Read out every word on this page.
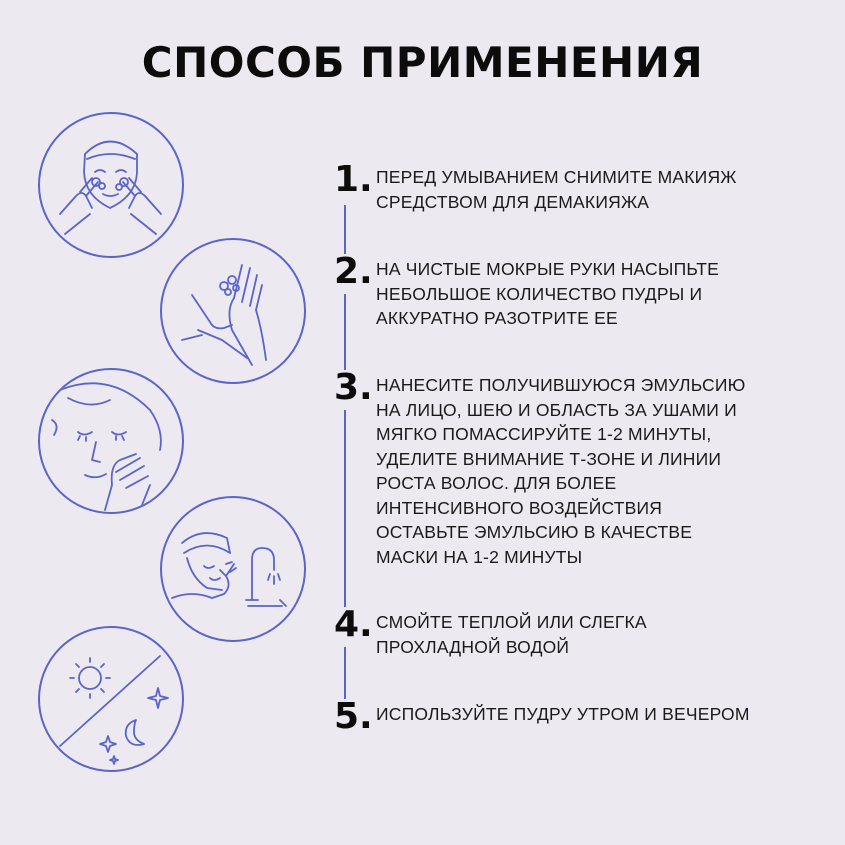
СПОСОБ ПРИМЕНЕНИЯ
1. ПЕРЕД УМЫВАНИЕМ СНИМИТЕ МАКИЯЖ
СРЕДСТВОМ ДЛЯ ДЕМАКИЯЖА
2. НА ЧИСТЫЕ МОКРЫЕ РУКИ НАСЫПЬТЕ
НЕБОЛЬШОЕ КОЛИЧЕСТВО ПУДРЫ И
АККУРАТНО РАЗОТРИТЕ ЕЕ
3. НАНЕСИТЕ ПОЛУЧИВШУЮСЯ ЭМУЛЬСИЮ
НА ЛИЦО, ШЕЮ И ОБЛАСТЬ ЗА УШАМИ И
МЯГКО ПОМАССИРУЙТЕ 1-2 МИНУТЫ,
УДЕЛИТЕ ВНИМАНИЕ Т-ЗОНЕ И ЛИНИИ
РОСТА ВОЛОС. ДЛЯ БОЛЕЕ
ИНТЕНСИВНОГО ВОЗДЕЙСТВИЯ
ОСТАВЬТЕ ЭМУЛЬСИЮ В КАЧЕСТВЕ
МАСКИ НА 1-2 МИНУТЫ
4. СМОЙТЕ ТЕПЛОЙ ИЛИ СЛЕГКА
ПРОХЛАДНОЙ ВОДОЙ
5. ИСПОЛЬЗУЙТЕ ПУДРУ УТРОМ И ВЕЧЕРОМ
